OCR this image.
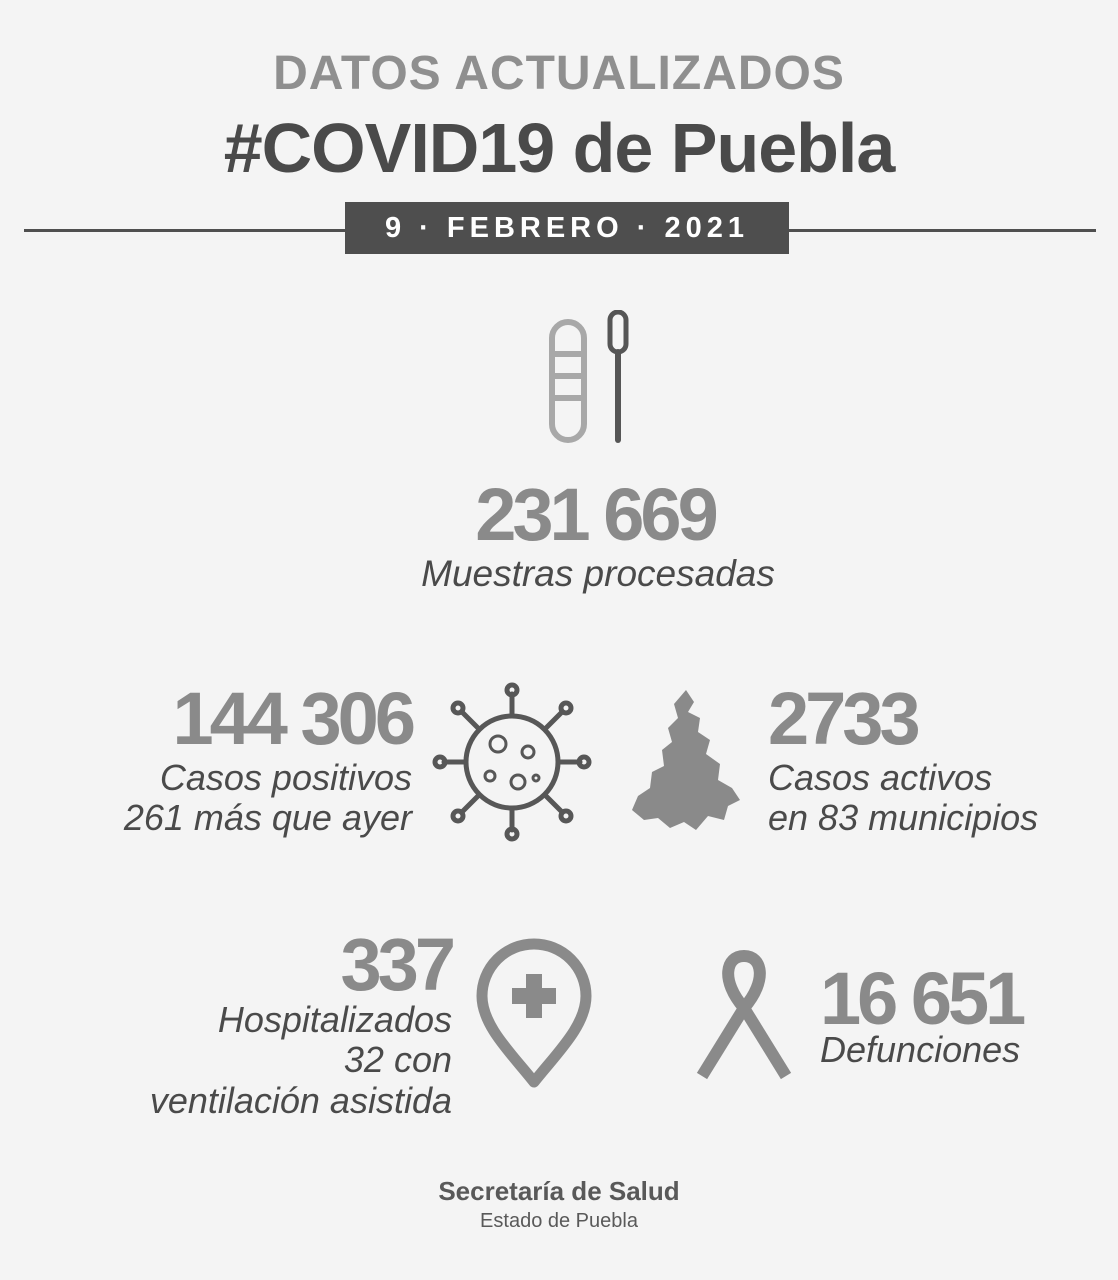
DATOS ACTUALIZADOS
#COVID19 de Puebla
9 · FEBRERO · 2021
231 669
Muestras procesadas
144 306
Casos positivos
261 más que ayer
2733
Casos activos
en 83 municipios
337
Hospitalizados
32 con
ventilación asistida
16 651
Defunciones
Secretaría de Salud
Estado de Puebla
